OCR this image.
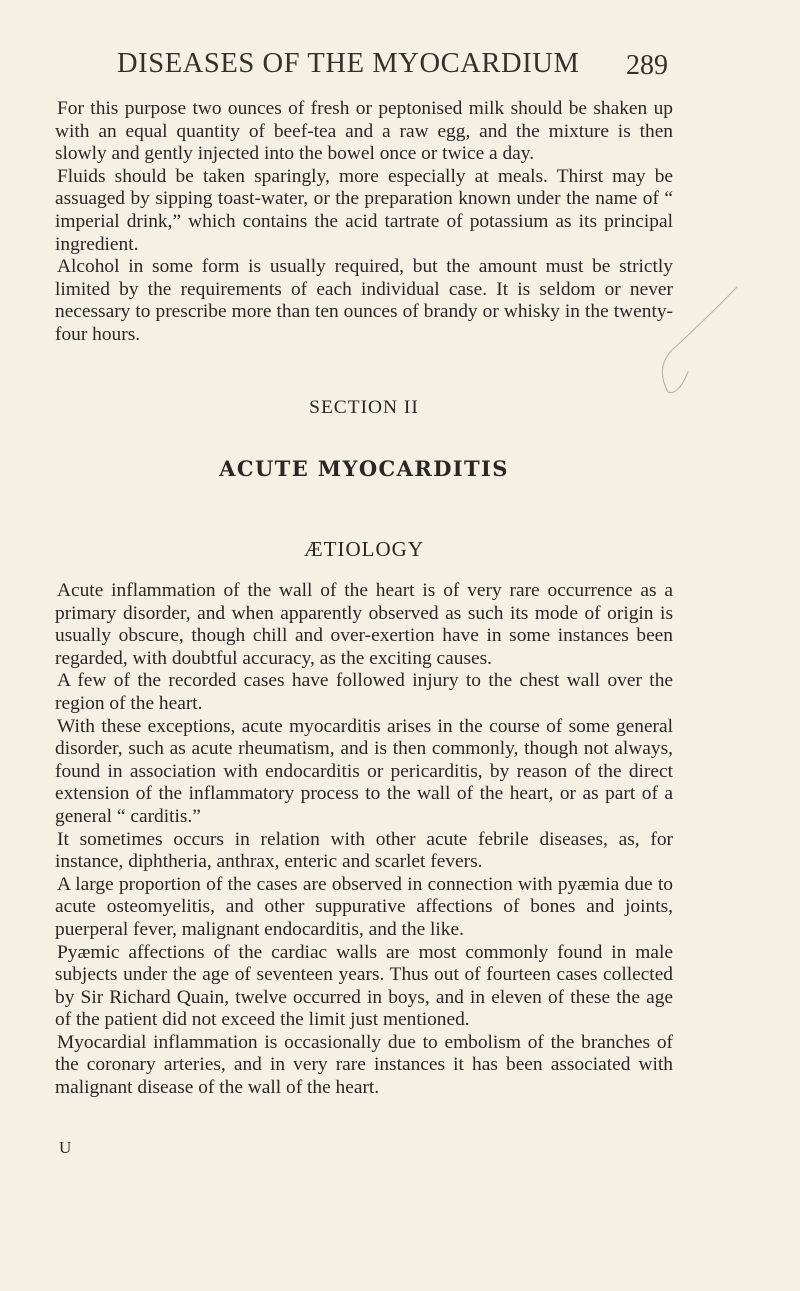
DISEASES OF THE MYOCARDIUM	289

For this purpose two ounces of fresh or peptonised milk should be shaken up with an equal quantity of beef-tea and a raw egg, and the mixture is then slowly and gently injected into the bowel once or twice a day.

Fluids should be taken sparingly, more especially at meals. Thirst may be assuaged by sipping toast-water, or the preparation known under the name of “ imperial drink,” which contains the acid tartrate of potassium as its principal ingredient.

Alcohol in some form is usually required, but the amount must be strictly limited by the requirements of each individual case. It is seldom or never necessary to prescribe more than ten ounces of brandy or whisky in the twenty-four hours.

SECTION II
ACUTE MYOCARDITIS
ÆTIOLOGY

Acute inflammation of the wall of the heart is of very rare occurrence as a primary disorder, and when apparently observed as such its mode of origin is usually obscure, though chill and over-exertion have in some instances been regarded, with doubtful accuracy, as the exciting causes.

A few of the recorded cases have followed injury to the chest wall over the region of the heart.

With these exceptions, acute myocarditis arises in the course of some general disorder, such as acute rheumatism, and is then commonly, though not always, found in association with endocarditis or pericarditis, by reason of the direct extension of the inflammatory process to the wall of the heart, or as part of a general “ carditis.”

It sometimes occurs in relation with other acute febrile diseases, as, for instance, diphtheria, anthrax, enteric and scarlet fevers.

A large proportion of the cases are observed in connection with pyæmia due to acute osteomyelitis, and other suppurative affections of bones and joints, puerperal fever, malignant endocarditis, and the like.

Pyæmic affections of the cardiac walls are most commonly found in male subjects under the age of seventeen years. Thus out of fourteen cases collected by Sir Richard Quain, twelve occurred in boys, and in eleven of these the age of the patient did not exceed the limit just mentioned.

Myocardial inflammation is occasionally due to embolism of the branches of the coronary arteries, and in very rare instances it has been associated with malignant disease of the wall of the heart.

U
